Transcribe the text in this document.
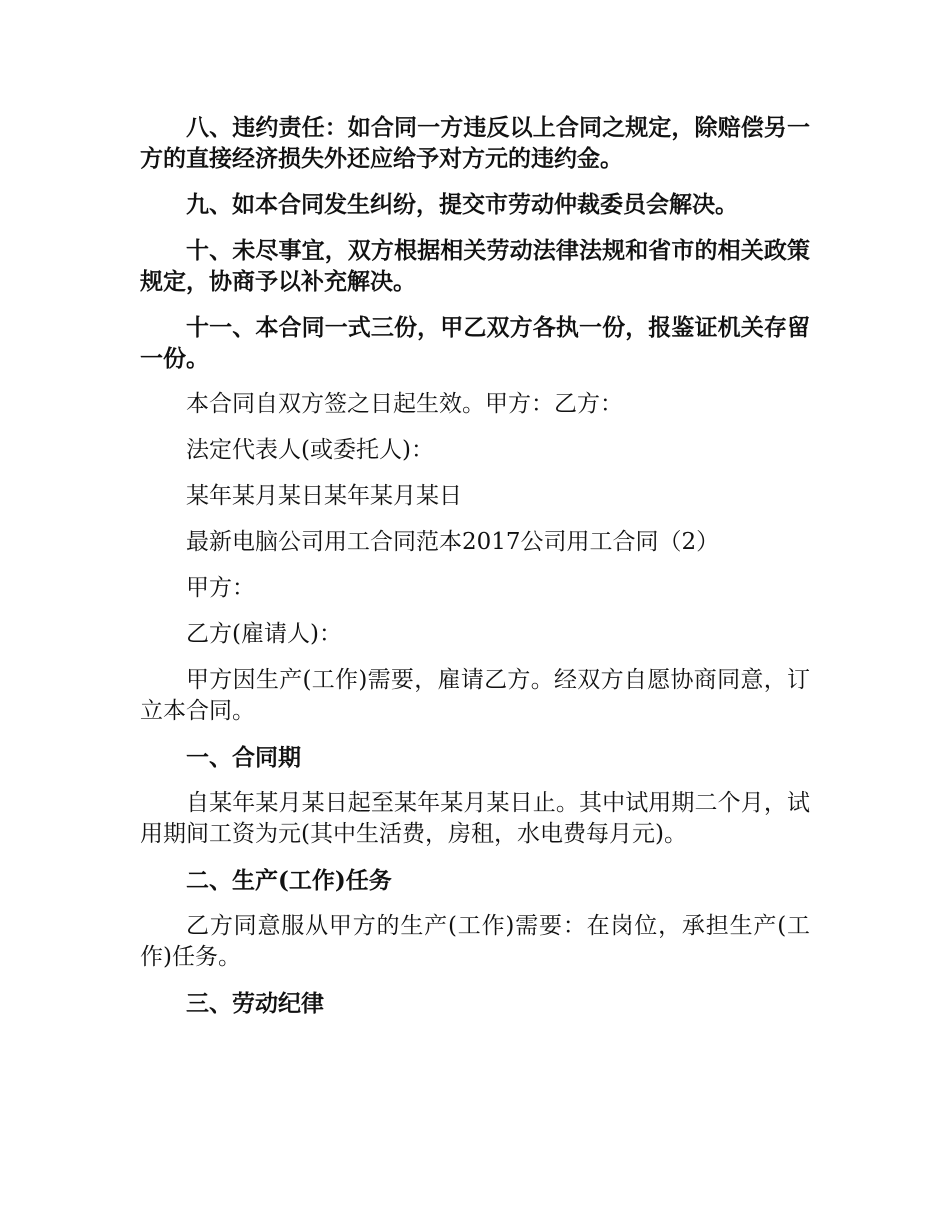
八、违约责任：如合同一方违反以上合同之规定，除赔偿另一方的直接经济损失外还应给予对方元的违约金。

九、如本合同发生纠纷，提交市劳动仲裁委员会解决。

十、未尽事宜，双方根据相关劳动法律法规和省市的相关政策规定，协商予以补充解决。

十一、本合同一式三份，甲乙双方各执一份，报鉴证机关存留一份。

本合同自双方签之日起生效。甲方：乙方：

法定代表人(或委托人)：

某年某月某日某年某月某日

最新电脑公司用工合同范本2017公司用工合同（2）

甲方：

乙方(雇请人)：

甲方因生产(工作)需要，雇请乙方。经双方自愿协商同意，订立本合同。

一、合同期

自某年某月某日起至某年某月某日止。其中试用期二个月，试用期间工资为元(其中生活费，房租，水电费每月元)。

二、生产(工作)任务

乙方同意服从甲方的生产(工作)需要：在岗位，承担生产(工作)任务。

三、劳动纪律
